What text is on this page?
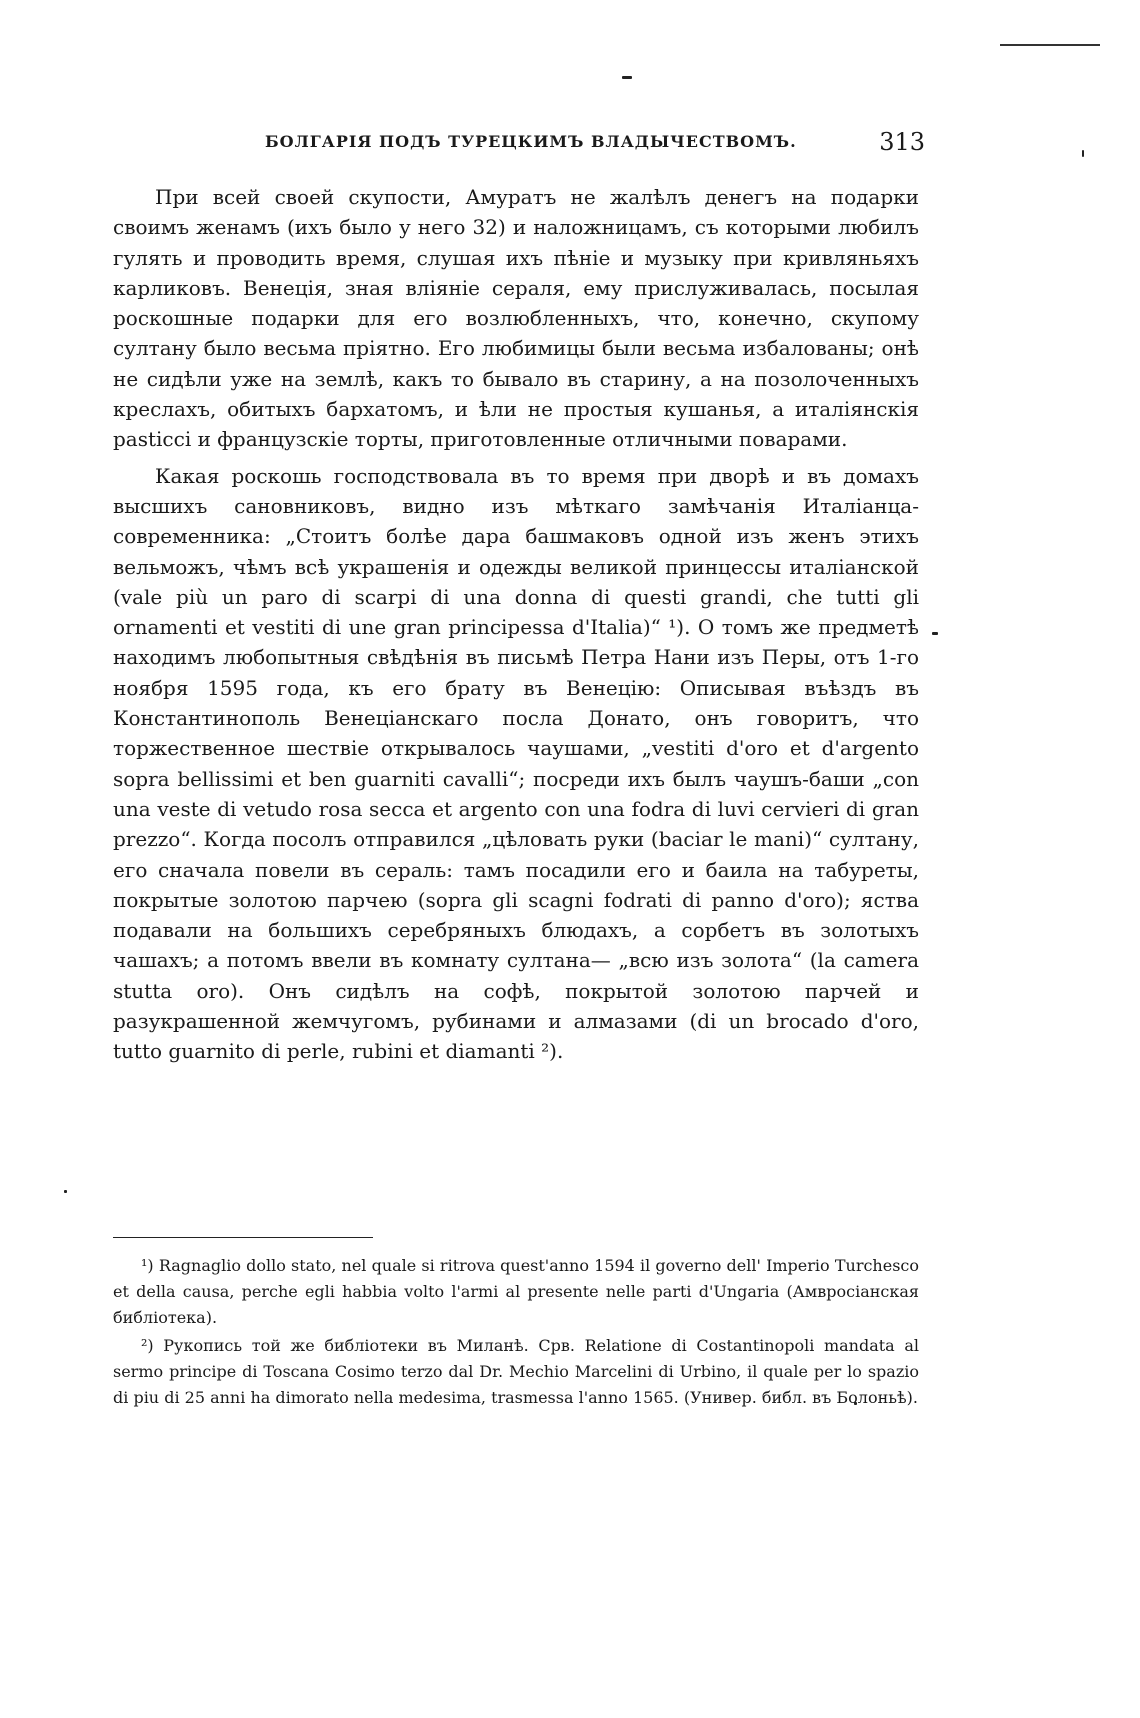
БОЛГАРІЯ ПОДЪ ТУРЕЦКИМЪ ВЛАДЫЧЕСТВОМЪ.	313

При всей своей скупости, Амуратъ не жалѣлъ денегъ на подарки своимъ женамъ (ихъ было у него 32) и наложницамъ, съ которыми любилъ гулять и проводить время, слушая ихъ пѣніе и музыку при кривляньяхъ карликовъ. Венеція, зная вліяніе сераля, ему прислуживалась, посылая роскошные подарки для его возлюбленныхъ, что, конечно, скупому султану было весьма пріятно. Его любимицы были весьма избалованы; онѣ не сидѣли уже на землѣ, какъ то бывало въ старину, а на позолоченныхъ креслахъ, обитыхъ бархатомъ, и ѣли не простыя кушанья, а италіянскія pasticci и французскіе торты, приготовленные отличными поварами.

Какая роскошь господствовала въ то время при дворѣ и въ домахъ высшихъ сановниковъ, видно изъ мѣткаго замѣчанія Италіанца-современника: „Стоитъ болѣе дара башмаковъ одной изъ женъ этихъ вельможъ, чѣмъ всѣ украшенія и одежды великой принцессы италіанской (vale più un paro di scarpi di una donna di questi grandi, che tutti gli ornamenti et vestiti di une gran principessa d'Italia)“ ¹). О томъ же предметѣ находимъ любопытныя свѣдѣнія въ письмѣ Петра Нани изъ Перы, отъ 1-го ноября 1595 года, къ его брату въ Венецію: Описывая въѣздъ въ Константинополь Венеціанскаго посла Донато, онъ говоритъ, что торжественное шествіе открывалось чаушами, „vestiti d'oro et d'argento sopra bellissimi et ben guarniti cavalli“; посреди ихъ былъ чаушъ-баши „con una veste di vetudo rosa secca et argento con una fodra di luvi cervieri di gran prezzo“. Когда посолъ отправился „цѣловать руки (baciar le mani)“ султану, его сначала повели въ сераль: тамъ посадили его и баила на табуреты, покрытые золотою парчею (sopra gli scagni fodrati di panno d'oro); яства подавали на большихъ серебряныхъ блюдахъ, а сорбетъ въ золотыхъ чашахъ; а потомъ ввели въ комнату султана— „всю изъ золота“ (la camera stutta oro). Онъ сидѣлъ на софѣ, покрытой золотою парчей и разукрашенной жемчугомъ, рубинами и алмазами (di un brocado d'oro, tutto guarnito di perle, rubini et diamanti ²).

¹) Ragnaglio dollo stato, nel quale si ritrova quest'anno 1594 il governo dell' Imperio Turchesco et della causa, perche egli habbia volto l'armi al presente nelle parti d'Ungaria (Амвросіанская библіотека).

²) Рукопись той же библіотеки въ Миланѣ. Срв. Relatione di Costantinopoli mandata al sermo principe di Toscana Cosimo terzo dal Dr. Mechio Marcelini di Urbino, il quale per lo spazio di piu di 25 anni ha dimorato nella medesima, trasmessa l'anno 1565. (Универ. библ. въ Болоньѣ).
